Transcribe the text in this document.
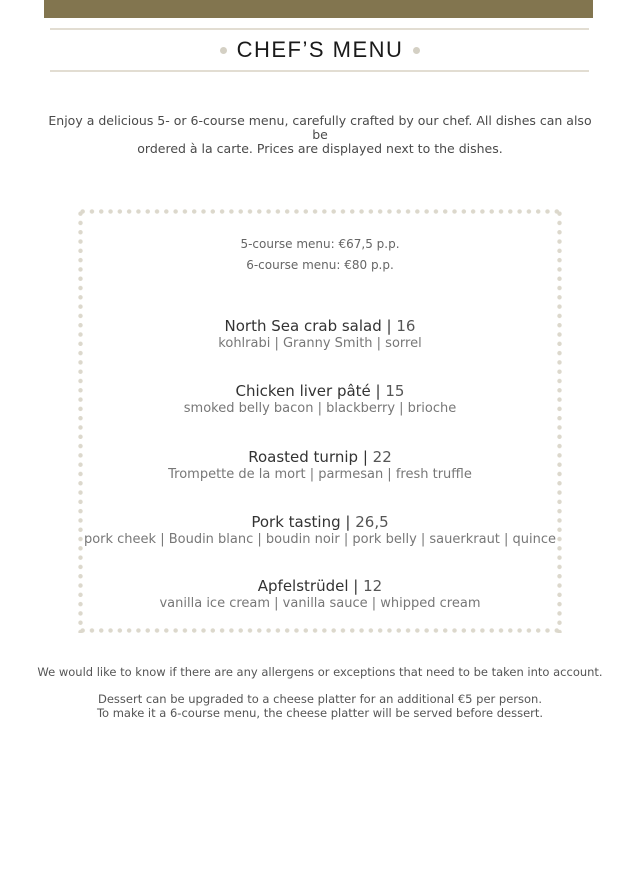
CHEF’S MENU
Enjoy a delicious 5- or 6-course menu, carefully crafted by our chef. All dishes can also be
ordered à la carte. Prices are displayed next to the dishes.
5-course menu: €67,5 p.p.
6-course menu: €80 p.p.
North Sea crab salad | 16
kohlrabi | Granny Smith | sorrel
Chicken liver pâté | 15
smoked belly bacon | blackberry | brioche
Roasted turnip | 22
Trompette de la mort | parmesan | fresh truffle
Pork tasting | 26,5
pork cheek | Boudin blanc | boudin noir | pork belly | sauerkraut | quince
Apfelstrüdel | 12
vanilla ice cream | vanilla sauce | whipped cream
We would like to know if there are any allergens or exceptions that need to be taken into account.
Dessert can be upgraded to a cheese platter for an additional €5 per person.
To make it a 6-course menu, the cheese platter will be served before dessert.
